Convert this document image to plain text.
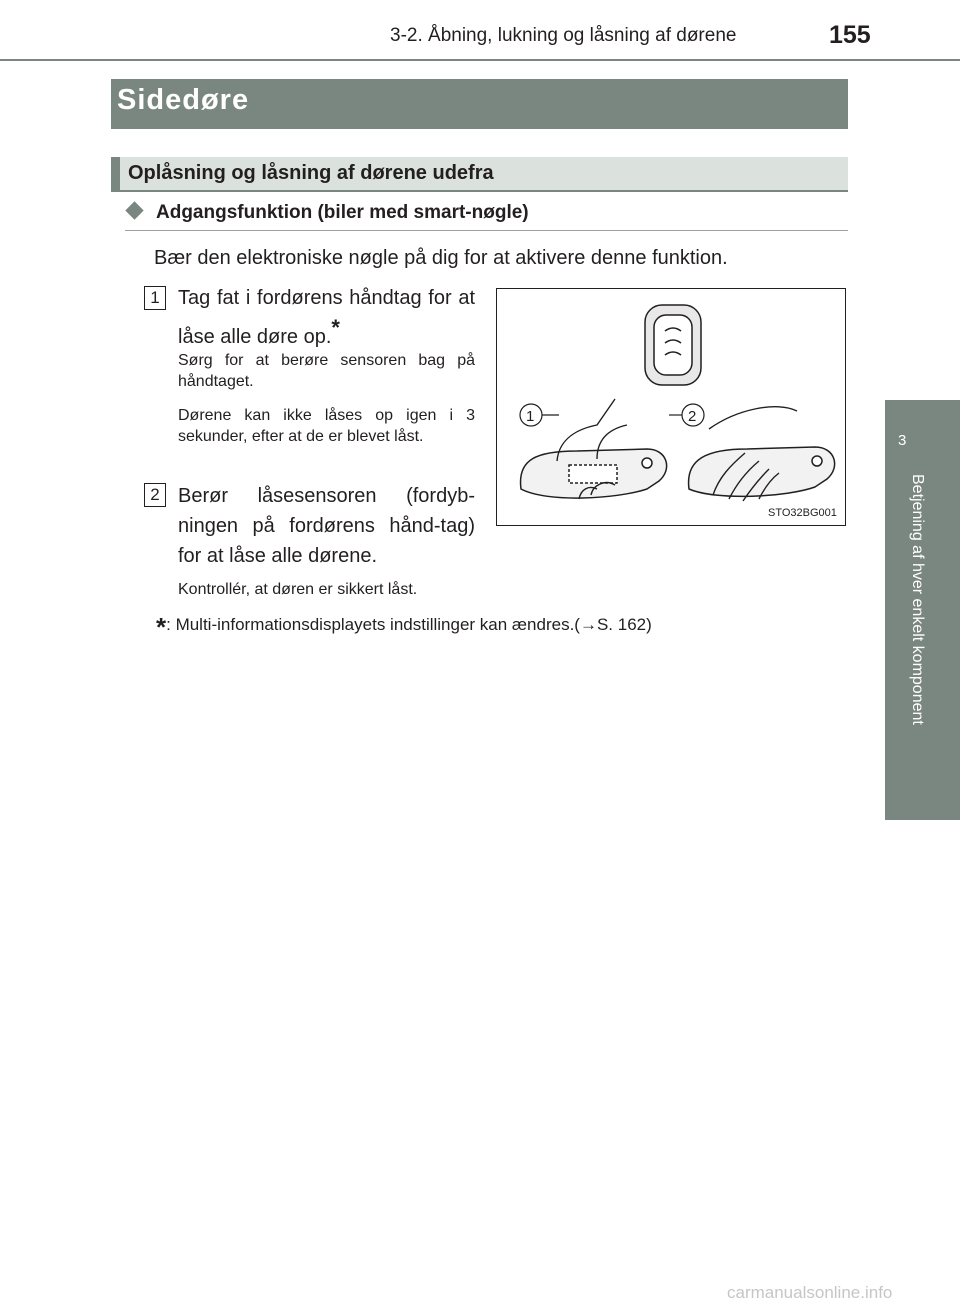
3-2. Åbning, lukning og låsning af dørene	155
3
Betjening af hver enkelt komponent
Sidedøre
Oplåsning og låsning af dørene udefra
Adgangsfunktion (biler med smart-nøgle)
Bær den elektroniske nøgle på dig for at aktivere denne funktion.
1 Tag fat i fordørens håndtag for at låse alle døre op.*
Sørg for at berøre sensoren bag på håndtaget.
Dørene kan ikke låses op igen i 3 sekunder, efter at de er blevet låst.
2 Berør låsesensoren (fordyb-ningen på fordørens hånd-tag) for at låse alle dørene.
Kontrollér, at døren er sikkert låst.
*: Multi-informationsdisplayets indstillinger kan ændres.(→S. 162)
1	2
STO32BG001
carmanualsonline.info
